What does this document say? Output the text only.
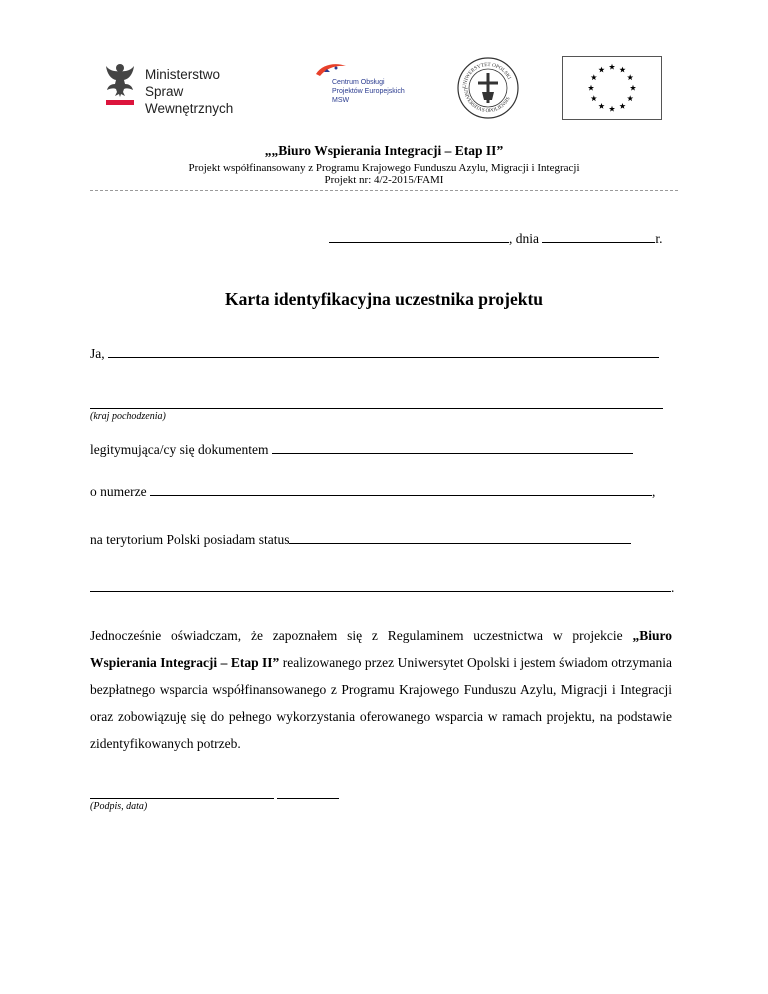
Ministerstwo
Spraw Wewnętrznych
Centrum Obsługi
Projektów Europejskich
MSW
UNIWERSYTET OPOLSKI
UNIVERSITAS OPOLIENSIS
„„Biuro Wspierania Integracji – Etap II”
Projekt współfinansowany z Programu Krajowego Funduszu Azylu, Migracji i Integracji
Projekt nr: 4/2-2015/FAMI
, dnia	r.
Karta identyfikacyjna uczestnika projektu
Ja,
(kraj pochodzenia)
legitymująca/cy się dokumentem
o numerze	,
na terytorium Polski posiadam status
.
Jednocześnie oświadczam, że zapoznałem się z Regulaminem uczestnictwa w projekcie „Biuro Wspierania Integracji – Etap II” realizowanego przez Uniwersytet Opolski i jestem świadom otrzymania bezpłatnego wsparcia współfinansowanego z Programu Krajowego Funduszu Azylu, Migracji i Integracji oraz zobowiązuję się do pełnego wykorzystania oferowanego wsparcia w ramach projektu, na podstawie zidentyfikowanych potrzeb.

(Podpis, data)
